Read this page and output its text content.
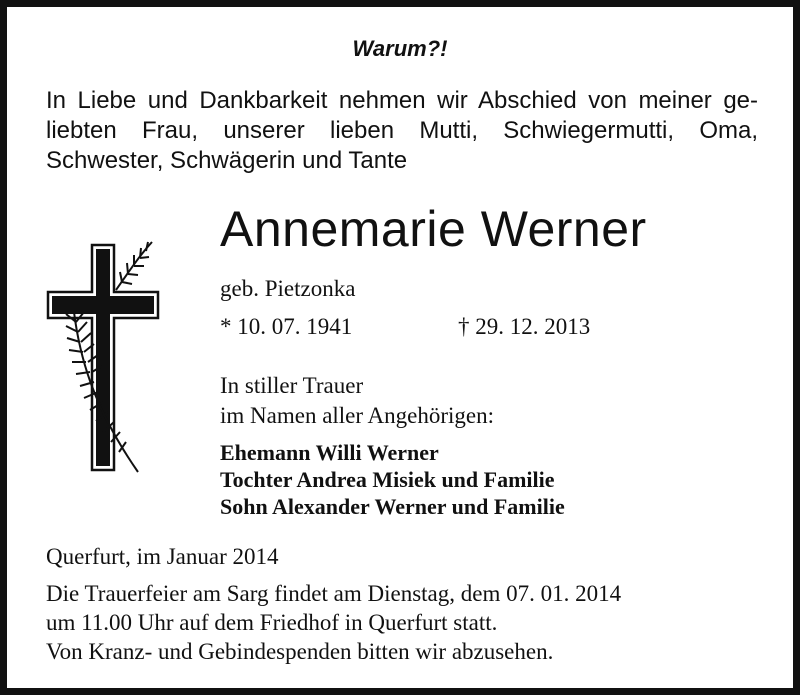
Warum?!
In Liebe und Dankbarkeit nehmen wir Abschied von meiner ge-
liebten Frau, unserer lieben Mutti, Schwiegermutti, Oma,
Schwester, Schwägerin und Tante
Annemarie Werner
geb. Pietzonka
* 10. 07. 1941	† 29. 12. 2013
In stiller Trauer
im Namen aller Angehörigen:
Ehemann Willi Werner
Tochter Andrea Misiek und Familie
Sohn Alexander Werner und Familie
Querfurt, im Januar 2014
Die Trauerfeier am Sarg findet am Dienstag, dem 07. 01. 2014
um 11.00 Uhr auf dem Friedhof in Querfurt statt.
Von Kranz- und Gebindespenden bitten wir abzusehen.
